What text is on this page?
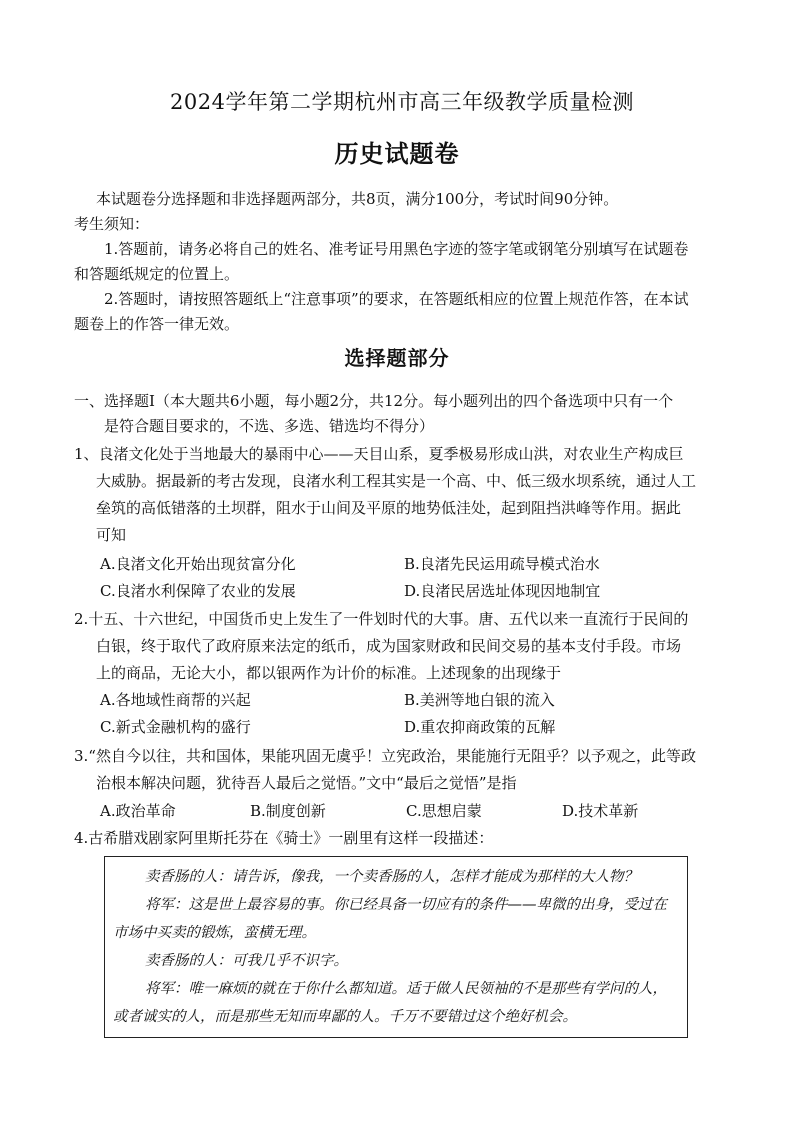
2024学年第二学期杭州市高三年级教学质量检测
历史试题卷
本试题卷分选择题和非选择题两部分，共8页，满分100分，考试时间90分钟。
考生须知：
1.答题前，请务必将自己的姓名、准考证号用黑色字迹的签字笔或钢笔分别填写在试题卷
和答题纸规定的位置上。
2.答题时，请按照答题纸上“注意事项”的要求，在答题纸相应的位置上规范作答，在本试
题卷上的作答一律无效。
选择题部分
一、选择题Ⅰ（本大题共6小题，每小题2分，共12分。每小题列出的四个备选项中只有一个
是符合题目要求的，不选、多选、错选均不得分）
1、良渚文化处于当地最大的暴雨中心——天目山系，夏季极易形成山洪，对农业生产构成巨
大威胁。据最新的考古发现，良渚水利工程其实是一个高、中、低三级水坝系统，通过人工
垒筑的高低错落的土坝群，阻水于山间及平原的地势低洼处，起到阻挡洪峰等作用。据此
可知
A.良渚文化开始出现贫富分化	B.良渚先民运用疏导模式治水
C.良渚水利保障了农业的发展	D.良渚民居选址体现因地制宜
2.十五、十六世纪，中国货币史上发生了一件划时代的大事。唐、五代以来一直流行于民间的
白银，终于取代了政府原来法定的纸币，成为国家财政和民间交易的基本支付手段。市场
上的商品，无论大小，都以银两作为计价的标准。上述现象的出现缘于
A.各地域性商帮的兴起	B.美洲等地白银的流入
C.新式金融机构的盛行	D.重农抑商政策的瓦解
3.“然自今以往，共和国体，果能巩固无虞乎！立宪政治，果能施行无阻乎？以予观之，此等政
治根本解决问题，犹待吾人最后之觉悟。”文中“最后之觉悟”是指
A.政治革命	B.制度创新	C.思想启蒙	D.技术革新
4.古希腊戏剧家阿里斯托芬在《骑士》一剧里有这样一段描述：
卖香肠的人：请告诉，像我，一个卖香肠的人，怎样才能成为那样的大人物？
将军：这是世上最容易的事。你已经具备一切应有的条件——卑微的出身，受过在
市场中买卖的锻炼，蛮横无理。
卖香肠的人：可我几乎不识字。
将军：唯一麻烦的就在于你什么都知道。适于做人民领袖的不是那些有学问的人，
或者诚实的人，而是那些无知而卑鄙的人。千万不要错过这个绝好机会。
